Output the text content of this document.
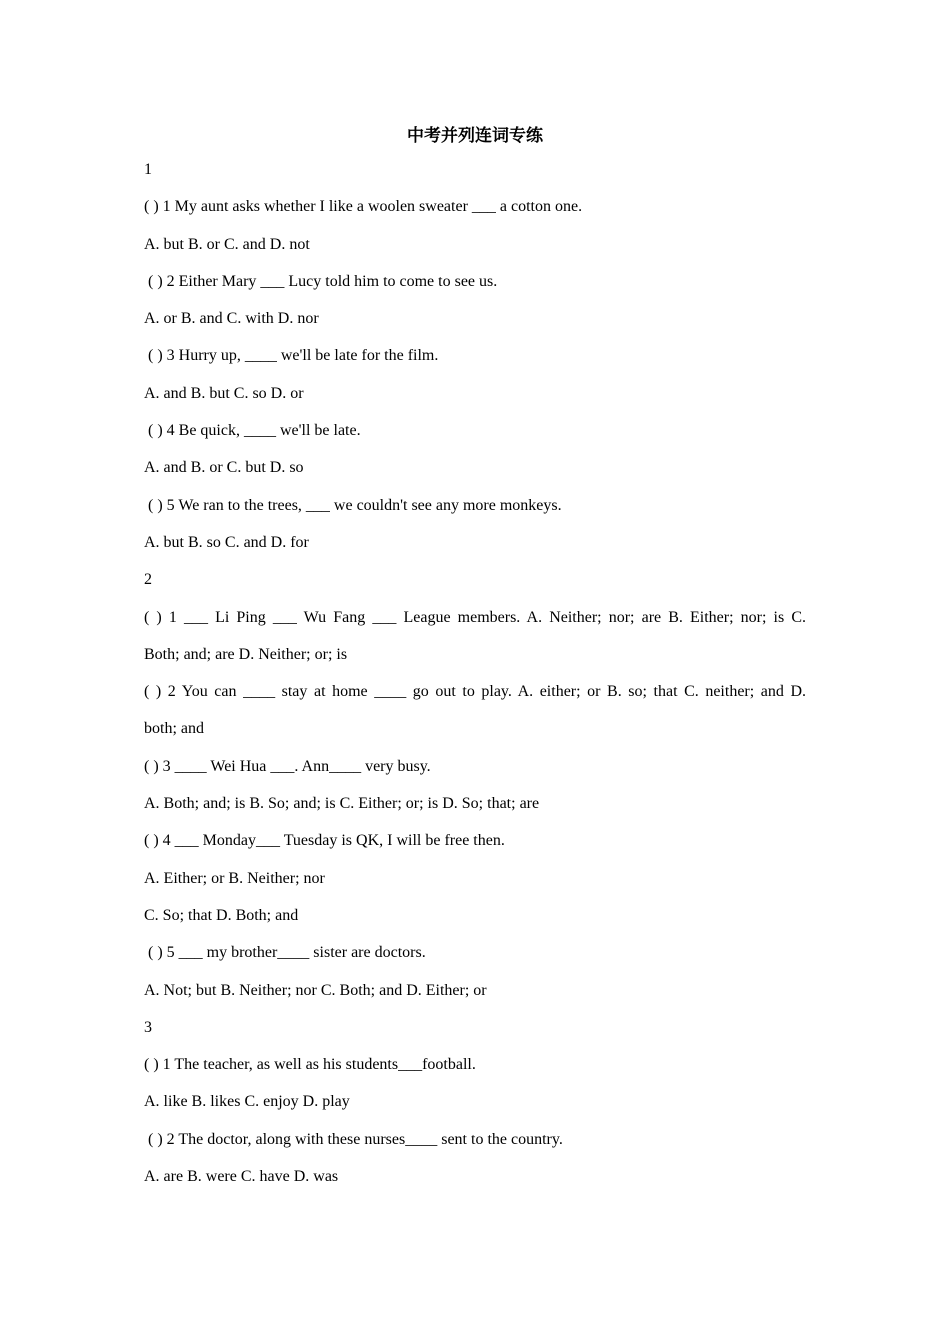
中考并列连词专练
1
( ) 1 My aunt asks whether I like a woolen sweater ___ a cotton one.
A. but B. or C. and D. not
( ) 2 Either Mary ___ Lucy told him to come to see us.
A. or B. and C. with D. nor
( ) 3 Hurry up, ____ we'll be late for the film.
A. and B. but C. so D. or
( ) 4 Be quick, ____ we'll be late.
A. and B. or C. but D. so
( ) 5 We ran to the trees, ___ we couldn't see any more monkeys.
A. but B. so C. and D. for
2
( ) 1 ___ Li Ping ___ Wu Fang ___ League members. A. Neither; nor; are B. Either; nor; is C.
Both; and; are D. Neither; or; is
( ) 2 You can ____ stay at home ____ go out to play. A. either; or B. so; that C. neither; and D.
both; and
( ) 3 ____ Wei Hua ___. Ann____ very busy.
A. Both; and; is B. So; and; is C. Either; or; is D. So; that; are
( ) 4 ___ Monday___ Tuesday is QK, I will be free then.
A. Either; or B. Neither; nor
C. So; that D. Both; and
( ) 5 ___ my brother____ sister are doctors.
A. Not; but B. Neither; nor C. Both; and D. Either; or
3
( ) 1 The teacher, as well as his students___football.
A. like B. likes C. enjoy D. play
( ) 2 The doctor, along with these nurses____ sent to the country.
A. are B. were C. have D. was
